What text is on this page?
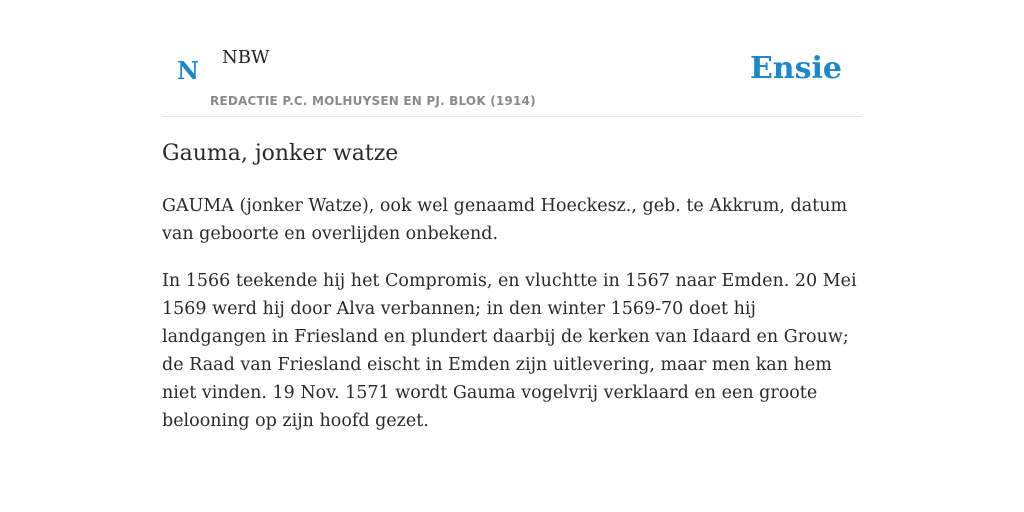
N NBW
REDACTIE P.C. MOLHUYSEN EN PJ. BLOK (1914)
Ensie
Gauma, jonker watze

GAUMA (jonker Watze), ook wel genaamd Hoeckesz., geb. te Akkrum, datum van geboorte en overlijden onbekend.

In 1566 teekende hij het Compromis, en vluchtte in 1567 naar Emden. 20 Mei 1569 werd hij door Alva verbannen; in den winter 1569-70 doet hij landgangen in Friesland en plundert daarbij de kerken van Idaard en Grouw; de Raad van Friesland eischt in Emden zijn uitlevering, maar men kan hem niet vinden. 19 Nov. 1571 wordt Gauma vogelvrij verklaard en een groote belooning op zijn hoofd gezet.
